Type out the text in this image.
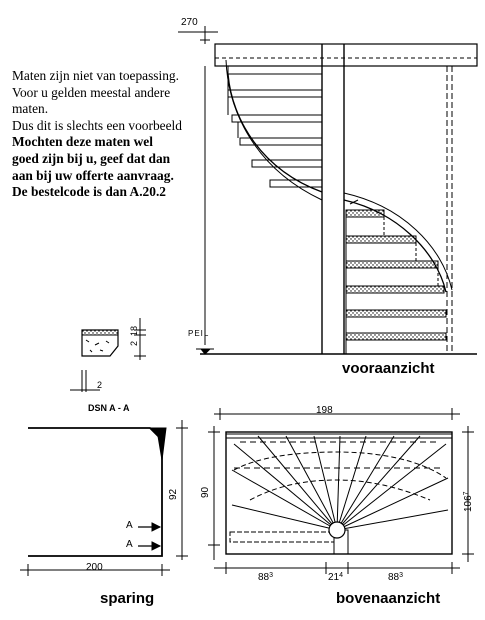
Maten zijn niet van toepassing.
Voor u gelden meestal andere
maten.
Dus dit is slechts een voorbeeld
Mochten deze maten wel
goed zijn bij u, geef dat dan
aan bij uw offerte aanvraag.
De bestelcode is dan A.20.2
270
PEIL
vooraanzicht
2
18
2
DSN A - A
92
200
A
A
sparing
198
90
$106^7$
$88^3$	$21^4$	$88^3$
bovenaanzicht
